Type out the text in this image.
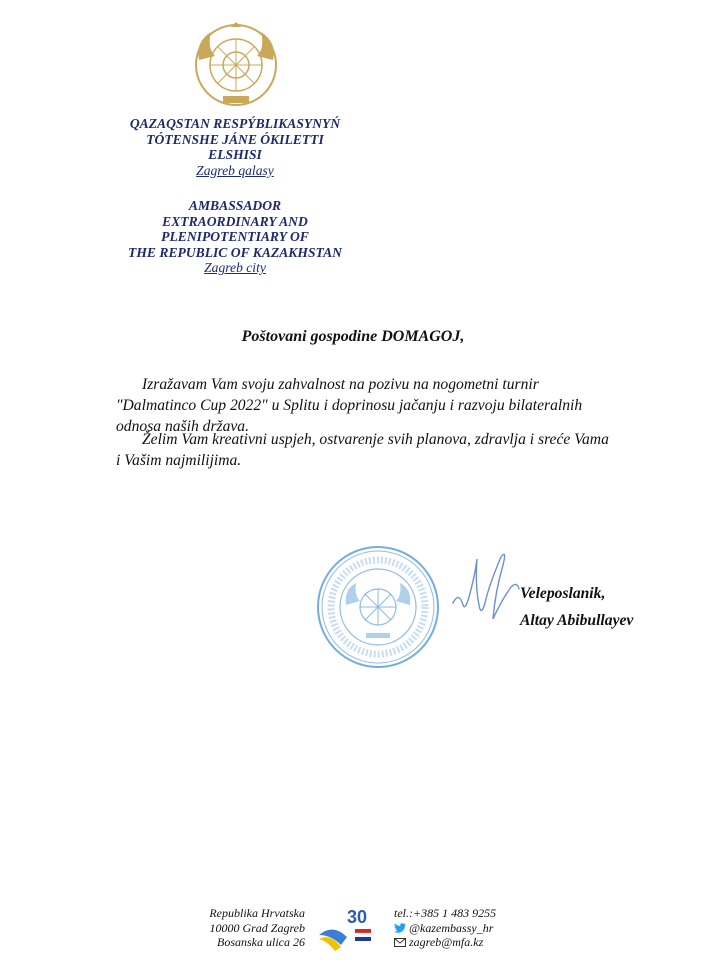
QAZAQSTAN RESPÝBLIKASYNYŃ
TÓTENSHE JÁNE ÓKILETTI
ELSHISI
Zagreb qalasy
AMBASSADOR
EXTRAORDINARY AND
PLENIPOTENTIARY OF
THE REPUBLIC OF KAZAKHSTAN
Zagreb city
Poštovani gospodine DOMAGOJ,

Izražavam Vam svoju zahvalnost na pozivu na nogometni turnir "Dalmatinco Cup 2022" u Splitu i doprinosu jačanju i razvoju bilateralnih odnosa naših država.

Želim Vam kreativni uspjeh, ostvarenje svih planova, zdravlja i sreće Vama i Vašim najmilijima.

Veleposlanik,
Altay Abibullayev
Republika Hrvatska
10000 Grad Zagreb
Bosanska ulica 26
30 tel.:+385 1 483 9255
@kazembassy_hr
zagreb@mfa.kz
